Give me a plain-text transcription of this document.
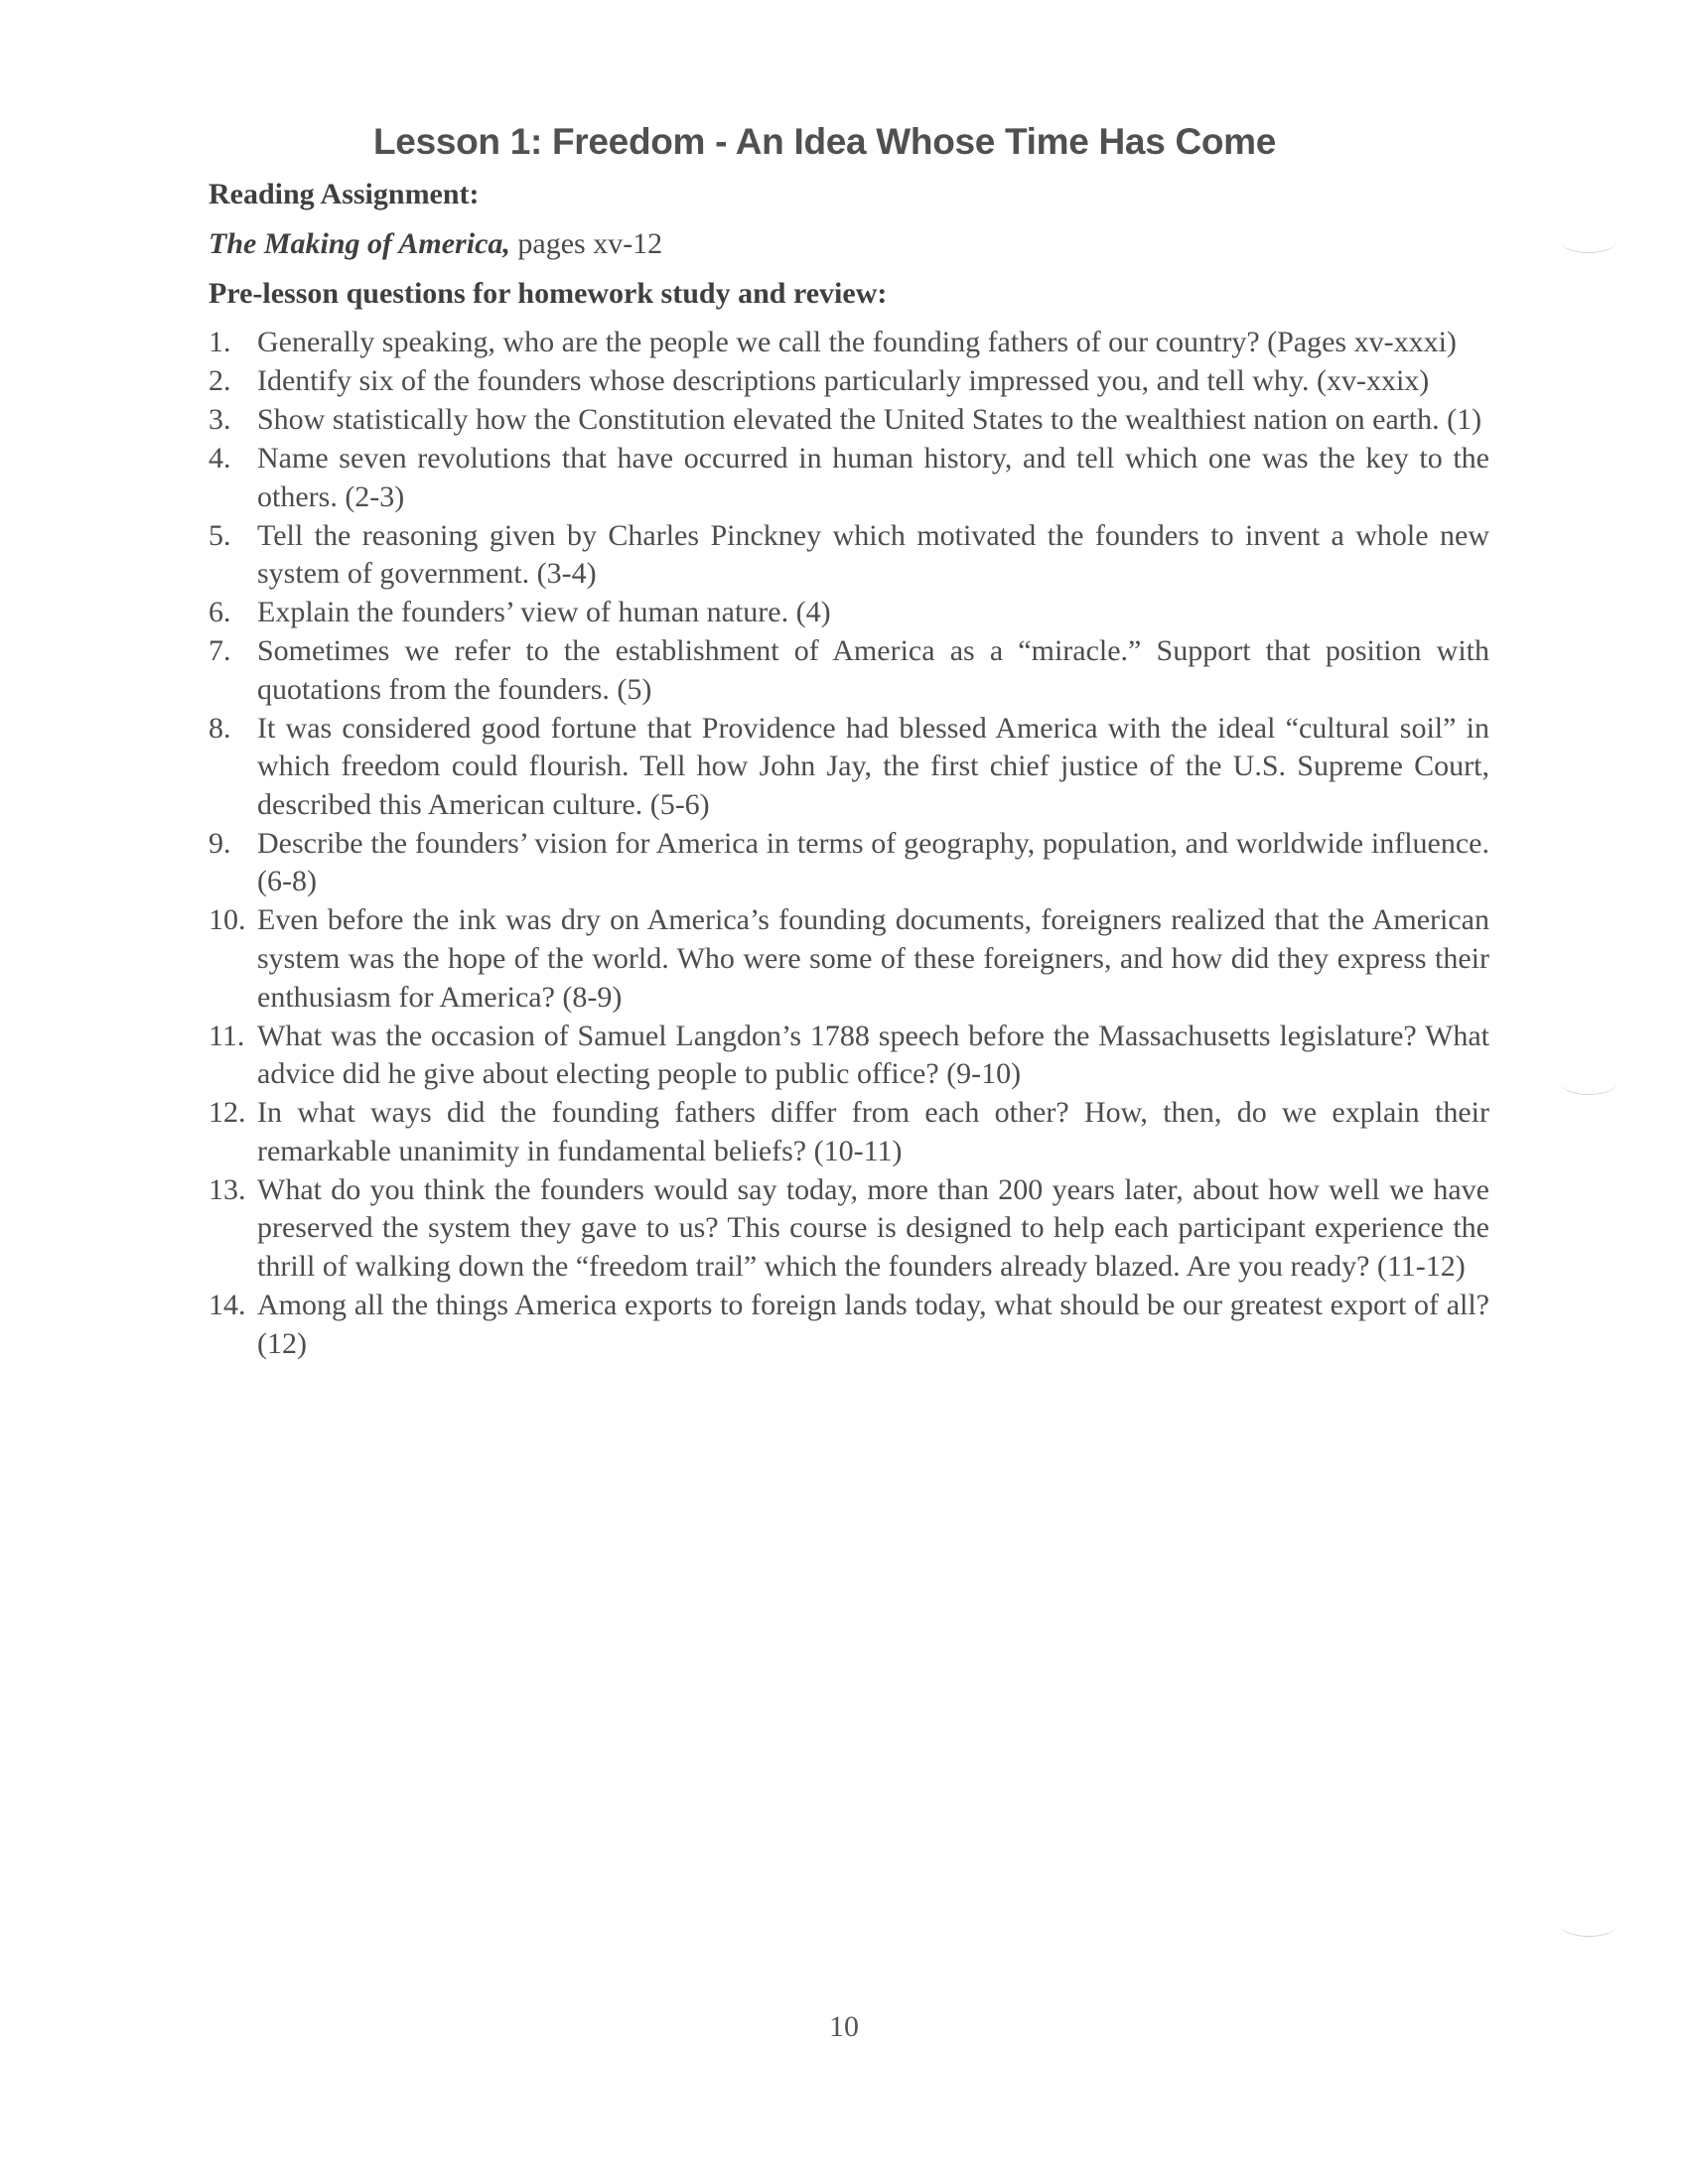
Lesson 1: Freedom - An Idea Whose Time Has Come
Reading Assignment:
The Making of America, pages xv-12
Pre-lesson questions for homework study and review:
1. Generally speaking, who are the people we call the founding fathers of our country? (Pages xv-xxxi)
2. Identify six of the founders whose descriptions particularly impressed you, and tell why. (xv-xxix)
3. Show statistically how the Constitution elevated the United States to the wealthiest nation on earth. (1)
4. Name seven revolutions that have occurred in human history, and tell which one was the key to the others. (2-3)
5. Tell the reasoning given by Charles Pinckney which motivated the founders to invent a whole new system of government. (3-4)
6. Explain the founders’ view of human nature. (4)
7. Sometimes we refer to the establishment of America as a “miracle.” Support that position with quotations from the founders. (5)
8. It was considered good fortune that Providence had blessed America with the ideal “cultural soil” in which freedom could flourish. Tell how John Jay, the first chief justice of the U.S. Supreme Court, described this American culture. (5-6)
9. Describe the founders’ vision for America in terms of geography, population, and worldwide influence. (6-8)
10. Even before the ink was dry on America’s founding documents, foreigners realized that the American system was the hope of the world. Who were some of these foreigners, and how did they express their enthusiasm for America? (8-9)
11. What was the occasion of Samuel Langdon’s 1788 speech before the Massachusetts legislature? What advice did he give about electing people to public office? (9-10)
12. In what ways did the founding fathers differ from each other? How, then, do we explain their remarkable unanimity in fundamental beliefs? (10-11)
13. What do you think the founders would say today, more than 200 years later, about how well we have preserved the system they gave to us? This course is designed to help each participant experience the thrill of walking down the “freedom trail” which the founders already blazed. Are you ready? (11-12)
14. Among all the things America exports to foreign lands today, what should be our greatest export of all? (12)
10
